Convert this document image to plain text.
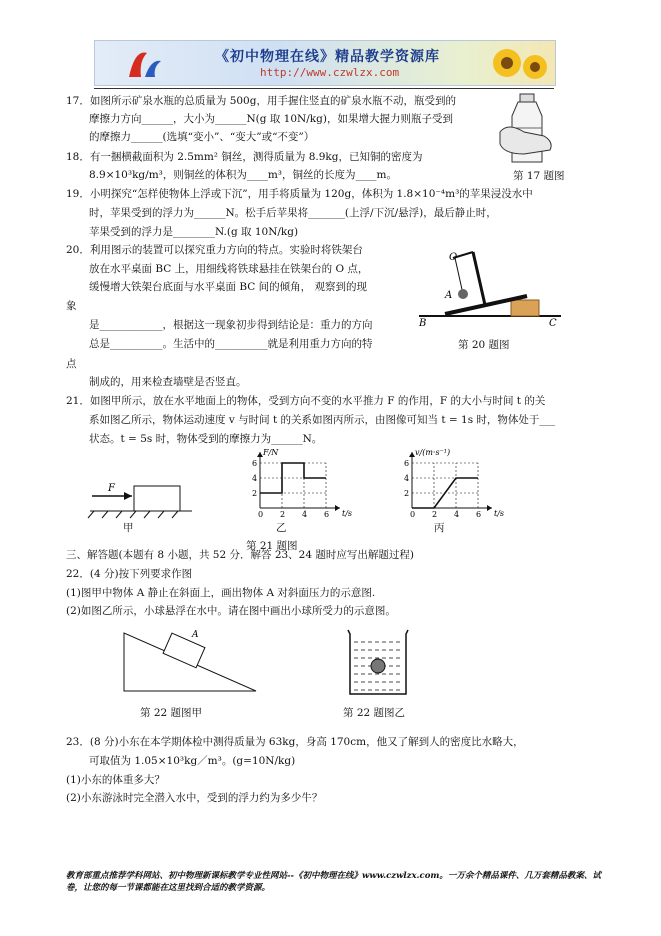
《初中物理在线》精品教学资源库
http://www.czwlzx.com
17．如图所示矿泉水瓶的总质量为 500g，用手握住竖直的矿泉水瓶不动，瓶受到的
摩擦力方向______，大小为______N(g 取 10N/kg)，如果增大握力则瓶子受到
的摩擦力______(选填“变小”、“变大”或“不变”）
18．有一捆横截面积为 2.5mm² 铜丝，测得质量为 8.9kg，已知铜的密度为
8.9×10³kg/m³，则铜丝的体积为____m³，铜丝的长度为____m。
19．小明探究“怎样使物体上浮或下沉”，用手将质量为 120g，体积为 1.8×10⁻⁴m³的苹果浸没水中
时，苹果受到的浮力为______N。松手后苹果将_______(上浮/下沉/悬浮)，最后静止时，
苹果受到的浮力是________N.(g 取 10N/kg)
20．利用图示的装置可以探究重力方向的特点。实验时将铁架台
放在水平桌面 BC 上，用细线将铁球悬挂在铁架台的 O 点，
缓慢增大铁架台底面与水平桌面 BC 间的倾角， 观察到的现
象
是____________，根据这一现象初步得到结论是：重力的方向
总是__________。生活中的__________就是利用重力方向的特
点
制成的，用来检查墙壁是否竖直。
21．如图甲所示，放在水平地面上的物体，受到方向不变的水平推力 F 的作用，F 的大小与时间 t 的关
系如图乙所示，物体运动速度 v 与时间 t 的关系如图丙所示，由图像可知当 t = 1s 时，物体处于___
状态。t = 5s 时，物体受到的摩擦力为______N。
三、解答题(本题有 8 小题，共 52 分．解答 23、24 题时应写出解题过程)
22．(4 分)按下列要求作图
(1)图甲中物体 A 静止在斜面上，画出物体 A 对斜面压力的示意图.
(2)如图乙所示，小球悬浮在水中。请在图中画出小球所受力的示意图。
23．(8 分)小东在本学期体检中测得质量为 63kg，身高 170cm，他又了解到人的密度比水略大，
可取值为 1.05×10³kg／m³。(g=10N/kg)
(1)小东的体重多大？
(2)小东游泳时完全潜入水中，受到的浮力约为多少牛？
第 17 题图
O
A
B	C
第 20 题图
F
甲
F/N
t/s
0 2 4 6
2
4
6
乙
v/(m·s⁻¹)
t/s
0 2 4 6
2
4
6
丙
第 21 题图
A
第 22 题图甲	第 22 题图乙
教育部重点推荐学科网站、初中物理新课标教学专业性网站--《初中物理在线》www.czwlzx.com。一万余个精品课件、几万套精品教案、试卷，让您的每一节课都能在这里找到合适的教学资源。
